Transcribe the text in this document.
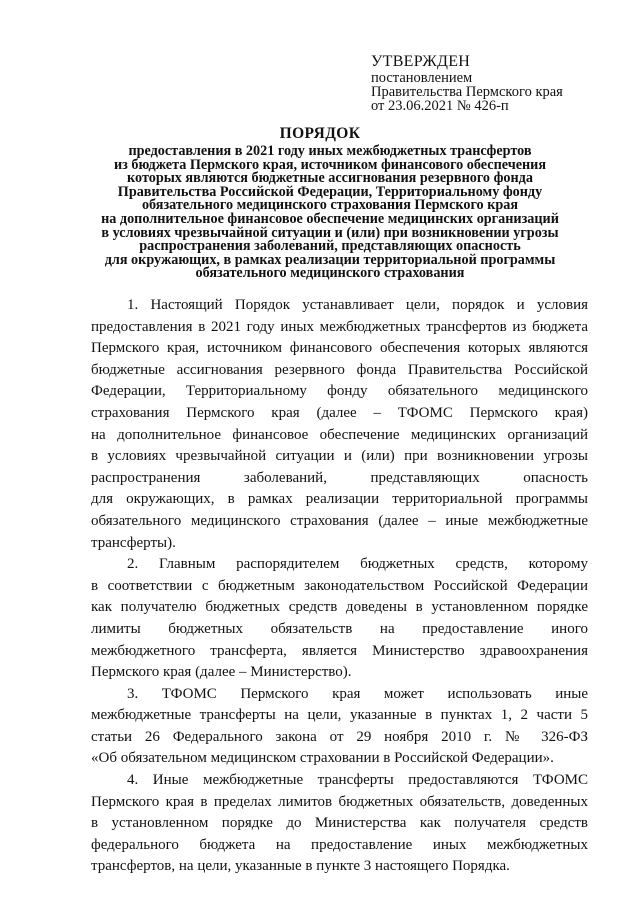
УТВЕРЖДЕН
постановлением
Правительства Пермского края
от 23.06.2021 № 426-п
ПОРЯДОК
предоставления в 2021 году иных межбюджетных трансфертов
из бюджета Пермского края, источником финансового обеспечения
которых являются бюджетные ассигнования резервного фонда
Правительства Российской Федерации, Территориальному фонду
обязательного медицинского страхования Пермского края
на дополнительное финансовое обеспечение медицинских организаций
в условиях чрезвычайной ситуации и (или) при возникновении угрозы
распространения заболеваний, представляющих опасность
для окружающих, в рамках реализации территориальной программы
обязательного медицинского страхования
1. Настоящий Порядок устанавливает цели, порядок и условия
предоставления в 2021 году иных межбюджетных трансфертов из бюджета
Пермского края, источником финансового обеспечения которых являются
бюджетные ассигнования резервного фонда Правительства Российской
Федерации, Территориальному фонду обязательного медицинского
страхования Пермского края (далее – ТФОМС Пермского края)
на дополнительное финансовое обеспечение медицинских организаций
в условиях чрезвычайной ситуации и (или) при возникновении угрозы
распространения заболеваний, представляющих опасность
для окружающих, в рамках реализации территориальной программы
обязательного медицинского страхования (далее – иные межбюджетные
трансферты).
2. Главным распорядителем бюджетных средств, которому
в соответствии с бюджетным законодательством Российской Федерации
как получателю бюджетных средств доведены в установленном порядке
лимиты бюджетных обязательств на предоставление иного
межбюджетного трансферта, является Министерство здравоохранения
Пермского края (далее – Министерство).
3. ТФОМС Пермского края может использовать иные
межбюджетные трансферты на цели, указанные в пунктах 1, 2 части 5
статьи 26 Федерального закона от 29 ноября 2010 г. № 326-ФЗ
«Об обязательном медицинском страховании в Российской Федерации».
4. Иные межбюджетные трансферты предоставляются ТФОМС
Пермского края в пределах лимитов бюджетных обязательств, доведенных
в установленном порядке до Министерства как получателя средств
федерального бюджета на предоставление иных межбюджетных
трансфертов, на цели, указанные в пункте 3 настоящего Порядка.
